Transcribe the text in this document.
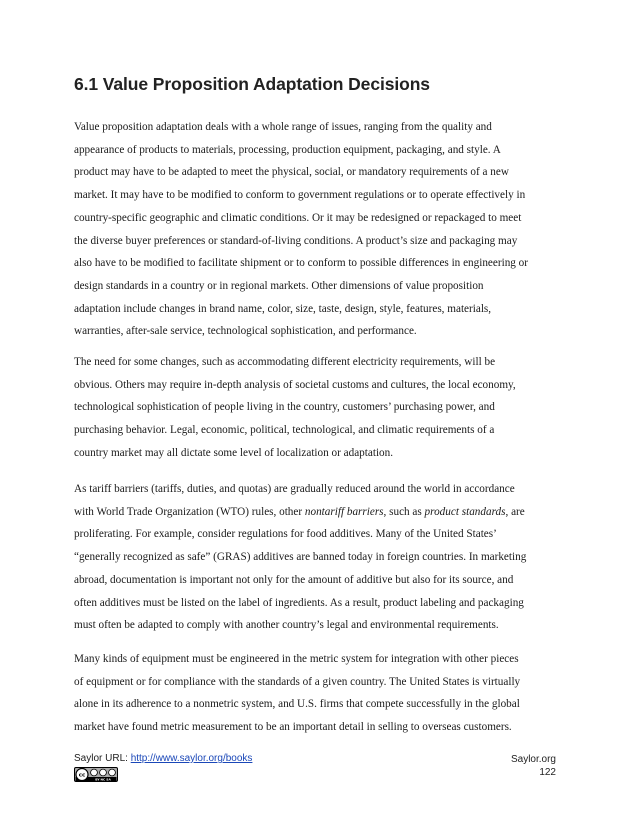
6.1 Value Proposition Adaptation Decisions

Value proposition adaptation deals with a whole range of issues, ranging from the quality and
appearance of products to materials, processing, production equipment, packaging, and style. A
product may have to be adapted to meet the physical, social, or mandatory requirements of a new
market. It may have to be modified to conform to government regulations or to operate effectively in
country-specific geographic and climatic conditions. Or it may be redesigned or repackaged to meet
the diverse buyer preferences or standard-of-living conditions. A product’s size and packaging may
also have to be modified to facilitate shipment or to conform to possible differences in engineering or
design standards in a country or in regional markets. Other dimensions of value proposition
adaptation include changes in brand name, color, size, taste, design, style, features, materials,
warranties, after-sale service, technological sophistication, and performance.

The need for some changes, such as accommodating different electricity requirements, will be
obvious. Others may require in-depth analysis of societal customs and cultures, the local economy,
technological sophistication of people living in the country, customers’ purchasing power, and
purchasing behavior. Legal, economic, political, technological, and climatic requirements of a
country market may all dictate some level of localization or adaptation.

As tariff barriers (tariffs, duties, and quotas) are gradually reduced around the world in accordance
with World Trade Organization (WTO) rules, other nontariff barriers, such as product standards, are
proliferating. For example, consider regulations for food additives. Many of the United States’
“generally recognized as safe” (GRAS) additives are banned today in foreign countries. In marketing
abroad, documentation is important not only for the amount of additive but also for its source, and
often additives must be listed on the label of ingredients. As a result, product labeling and packaging
must often be adapted to comply with another country’s legal and environmental requirements.

Many kinds of equipment must be engineered in the metric system for integration with other pieces
of equipment or for compliance with the standards of a given country. The United States is virtually
alone in its adherence to a nonmetric system, and U.S. firms that compete successfully in the global
market have found metric measurement to be an important detail in selling to overseas customers.

Saylor URL: http://www.saylor.org/books
cc
BY NC SA
Saylor.org
122
